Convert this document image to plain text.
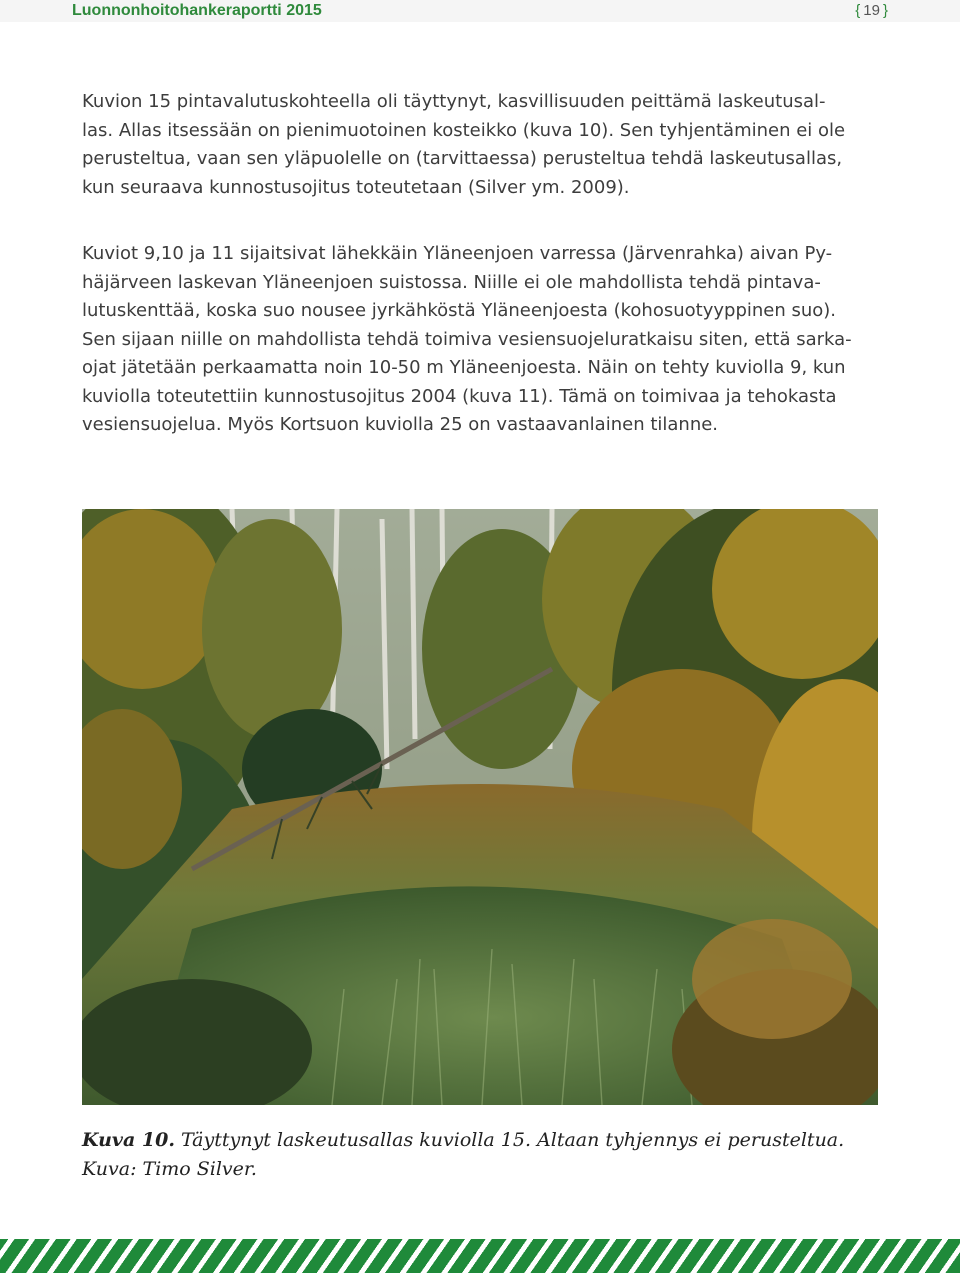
Luonnonhoitohankeraportti 2015	{ 19 }

Kuvion 15 pintavalutuskohteella oli täyttynyt, kasvillisuuden peittämä laskeutusal-
las. Allas itsessään on pienimuotoinen kosteikko (kuva 10). Sen tyhjentäminen ei ole
perusteltua, vaan sen yläpuolelle on (tarvittaessa) perusteltua tehdä laskeutusallas,
kun seuraava kunnostusojitus toteutetaan (Silver ym. 2009).

Kuviot 9,10 ja 11 sijaitsivat lähekkäin Yläneenjoen varressa (Järvenrahka) aivan Py-
häjärveen laskevan Yläneenjoen suistossa. Niille ei ole mahdollista tehdä pintava-
lutuskenttää, koska suo nousee jyrkähköstä Yläneenjoesta (kohosuotyyppinen suo).
Sen sijaan niille on mahdollista tehdä toimiva vesiensuojeluratkaisu siten, että sarka-
ojat jätetään perkaamatta noin 10-50 m Yläneenjoesta. Näin on tehty kuviolla 9, kun
kuviolla toteutettiin kunnostusojitus 2004 (kuva 11). Tämä on toimivaa ja tehokasta
vesiensuojelua. Myös Kortsuon kuviolla 25 on vastaavanlainen tilanne.

Kuva 10. Täyttynyt laskeutusallas kuviolla 15. Altaan tyhjennys ei perusteltua. Kuva: Timo Silver.
